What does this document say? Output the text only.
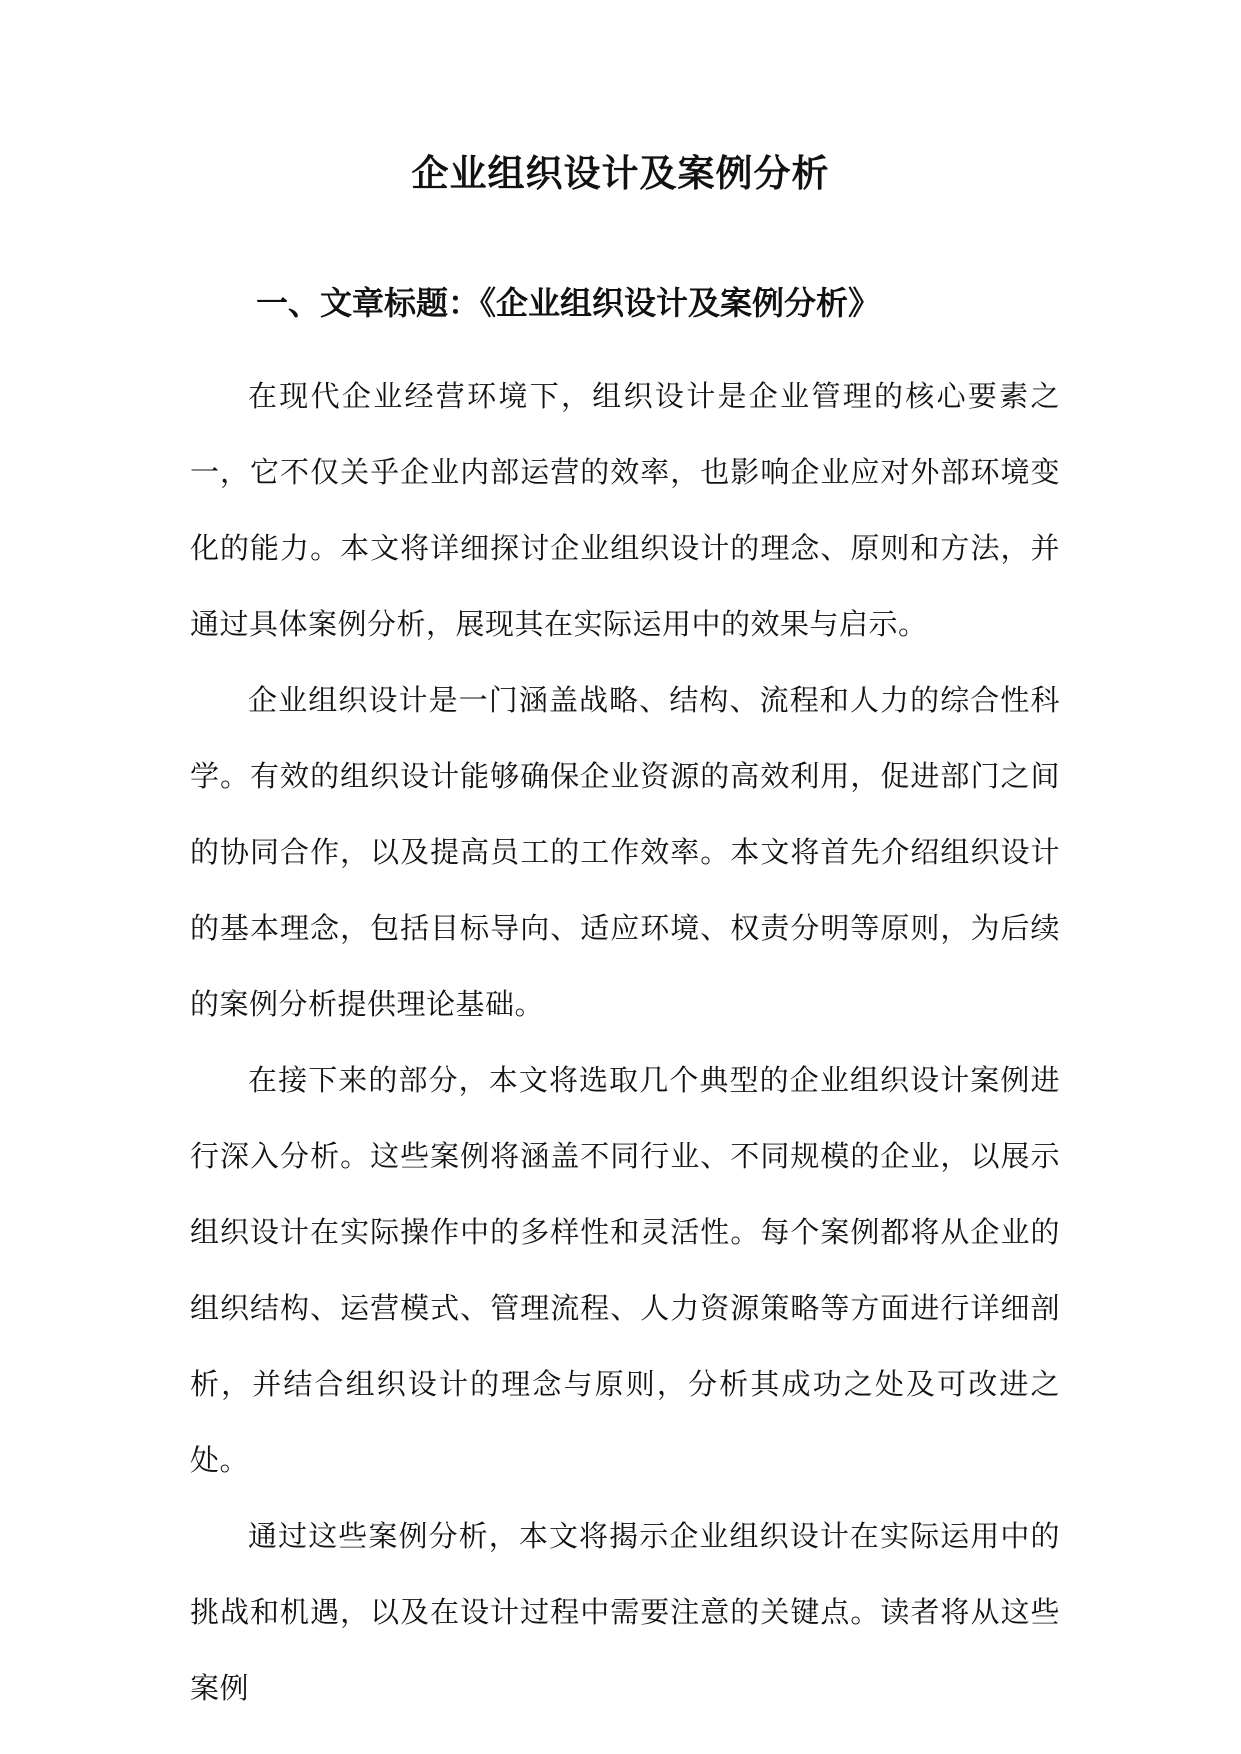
企业组织设计及案例分析
一、文章标题：《企业组织设计及案例分析》

在现代企业经营环境下，组织设计是企业管理的核心要素之一，它不仅关乎企业内部运营的效率，也影响企业应对外部环境变化的能力。本文将详细探讨企业组织设计的理念、原则和方法，并通过具体案例分析，展现其在实际运用中的效果与启示。

企业组织设计是一门涵盖战略、结构、流程和人力的综合性科学。有效的组织设计能够确保企业资源的高效利用，促进部门之间的协同合作，以及提高员工的工作效率。本文将首先介绍组织设计的基本理念，包括目标导向、适应环境、权责分明等原则，为后续的案例分析提供理论基础。

在接下来的部分，本文将选取几个典型的企业组织设计案例进行深入分析。这些案例将涵盖不同行业、不同规模的企业，以展示组织设计在实际操作中的多样性和灵活性。每个案例都将从企业的组织结构、运营模式、管理流程、人力资源策略等方面进行详细剖析，并结合组织设计的理念与原则，分析其成功之处及可改进之处。

通过这些案例分析，本文将揭示企业组织设计在实际运用中的挑战和机遇，以及在设计过程中需要注意的关键点。读者将从这些案例
